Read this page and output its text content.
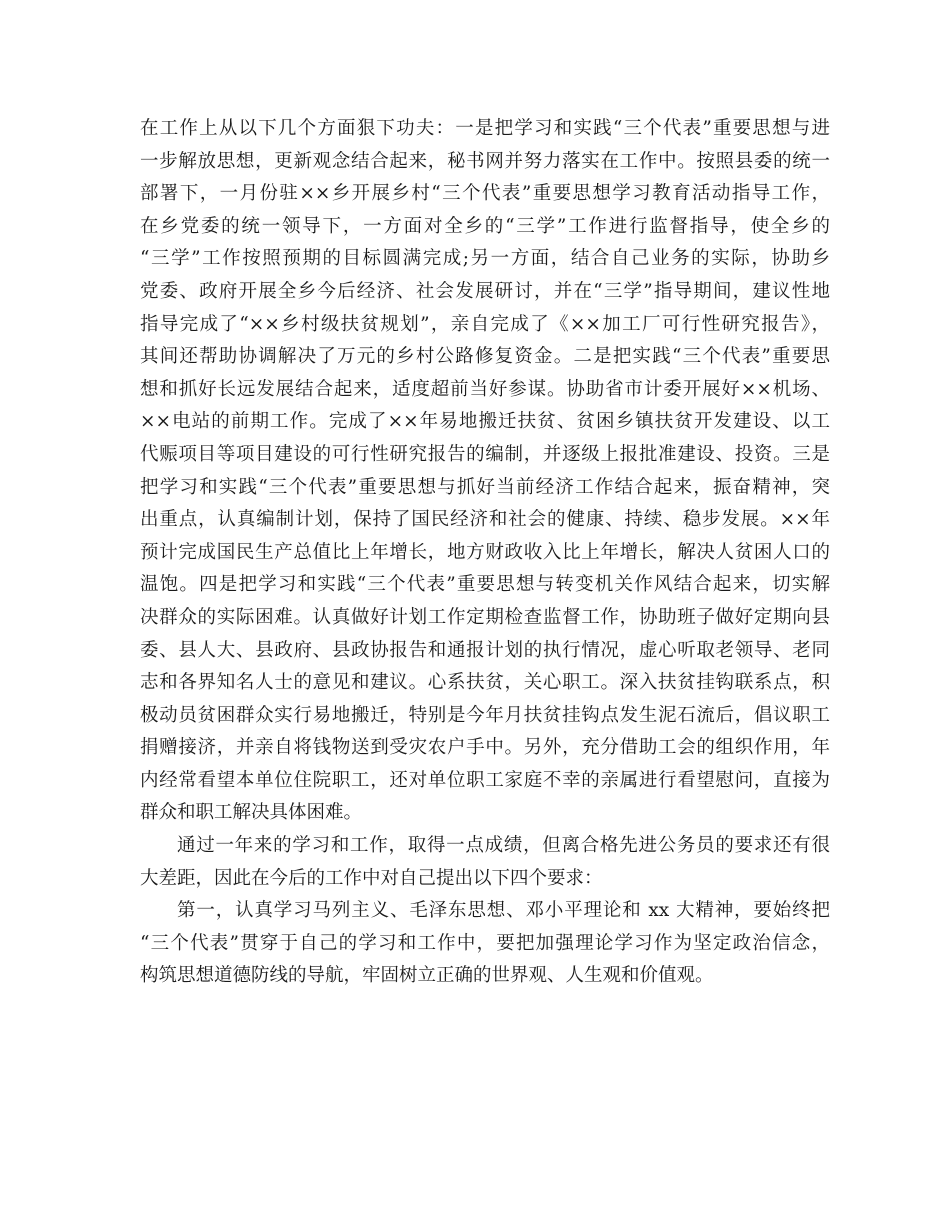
在工作上从以下几个方面狠下功夫：一是把学习和实践“三个代表”重要思想与进
一步解放思想，更新观念结合起来，秘书网并努力落实在工作中。按照县委的统一
部署下，一月份驻××乡开展乡村“三个代表”重要思想学习教育活动指导工作，
在乡党委的统一领导下，一方面对全乡的“三学”工作进行监督指导，使全乡的
“三学”工作按照预期的目标圆满完成;另一方面，结合自己业务的实际，协助乡
党委、政府开展全乡今后经济、社会发展研讨，并在“三学”指导期间，建议性地
指导完成了“××乡村级扶贫规划”，亲自完成了《××加工厂可行性研究报告》，
其间还帮助协调解决了万元的乡村公路修复资金。二是把实践“三个代表”重要思
想和抓好长远发展结合起来，适度超前当好参谋。协助省市计委开展好××机场、
××电站的前期工作。完成了××年易地搬迁扶贫、贫困乡镇扶贫开发建设、以工
代赈项目等项目建设的可行性研究报告的编制，并逐级上报批准建设、投资。三是
把学习和实践“三个代表”重要思想与抓好当前经济工作结合起来，振奋精神，突
出重点，认真编制计划，保持了国民经济和社会的健康、持续、稳步发展。××年
预计完成国民生产总值比上年增长，地方财政收入比上年增长，解决人贫困人口的
温饱。四是把学习和实践“三个代表”重要思想与转变机关作风结合起来，切实解
决群众的实际困难。认真做好计划工作定期检查监督工作，协助班子做好定期向县
委、县人大、县政府、县政协报告和通报计划的执行情况，虚心听取老领导、老同
志和各界知名人士的意见和建议。心系扶贫，关心职工。深入扶贫挂钩联系点，积
极动员贫困群众实行易地搬迁，特别是今年月扶贫挂钩点发生泥石流后，倡议职工
捐赠接济，并亲自将钱物送到受灾农户手中。另外，充分借助工会的组织作用，年
内经常看望本单位住院职工，还对单位职工家庭不幸的亲属进行看望慰问，直接为
群众和职工解决具体困难。
通过一年来的学习和工作，取得一点成绩，但离合格先进公务员的要求还有很
大差距，因此在今后的工作中对自己提出以下四个要求：
第一，认真学习马列主义、毛泽东思想、邓小平理论和 xx 大精神，要始终把
“三个代表”贯穿于自己的学习和工作中，要把加强理论学习作为坚定政治信念，
构筑思想道德防线的导航，牢固树立正确的世界观、人生观和价值观。
